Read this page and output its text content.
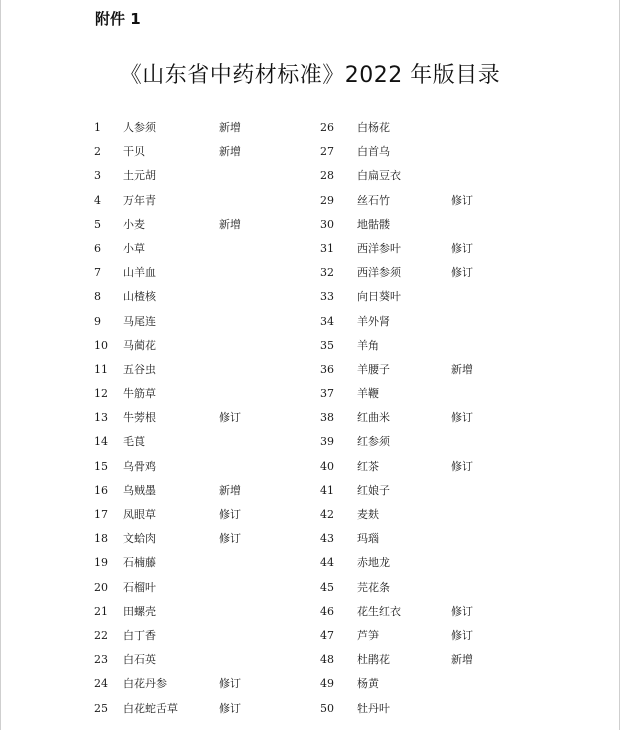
附件 1
《山东省中药材标准》2022 年版目录
1 人参须	新增
2 干贝	新增
3 土元胡
4 万年青
5 小麦	新增
6 小草
7 山羊血
8 山楂核
9 马尾连
10 马蔺花
11 五谷虫
12 牛筋草
13 牛蒡根	修订
14 毛茛
15 乌骨鸡
16 乌贼墨	新增
17 凤眼草	修订
18 文蛤肉	修订
19 石楠藤
20 石榴叶
21 田螺壳
22 白丁香
23 白石英
24 白花丹参	修订
25 白花蛇舌草	修订
26 白杨花
27 白首乌
28 白扁豆衣
29 丝石竹	修订
30 地骷髅
31 西洋参叶	修订
32 西洋参须	修订
33 向日葵叶
34 羊外肾
35 羊角
36 羊腰子	新增
37 羊鞭
38 红曲米	修订
39 红参须
40 红茶	修订
41 红娘子
42 麦麸
43 玛瑙
44 赤地龙
45 芫花条
46 花生红衣	修订
47 芦笋	修订
48 杜鹃花	新增
49 杨黄
50 牡丹叶
